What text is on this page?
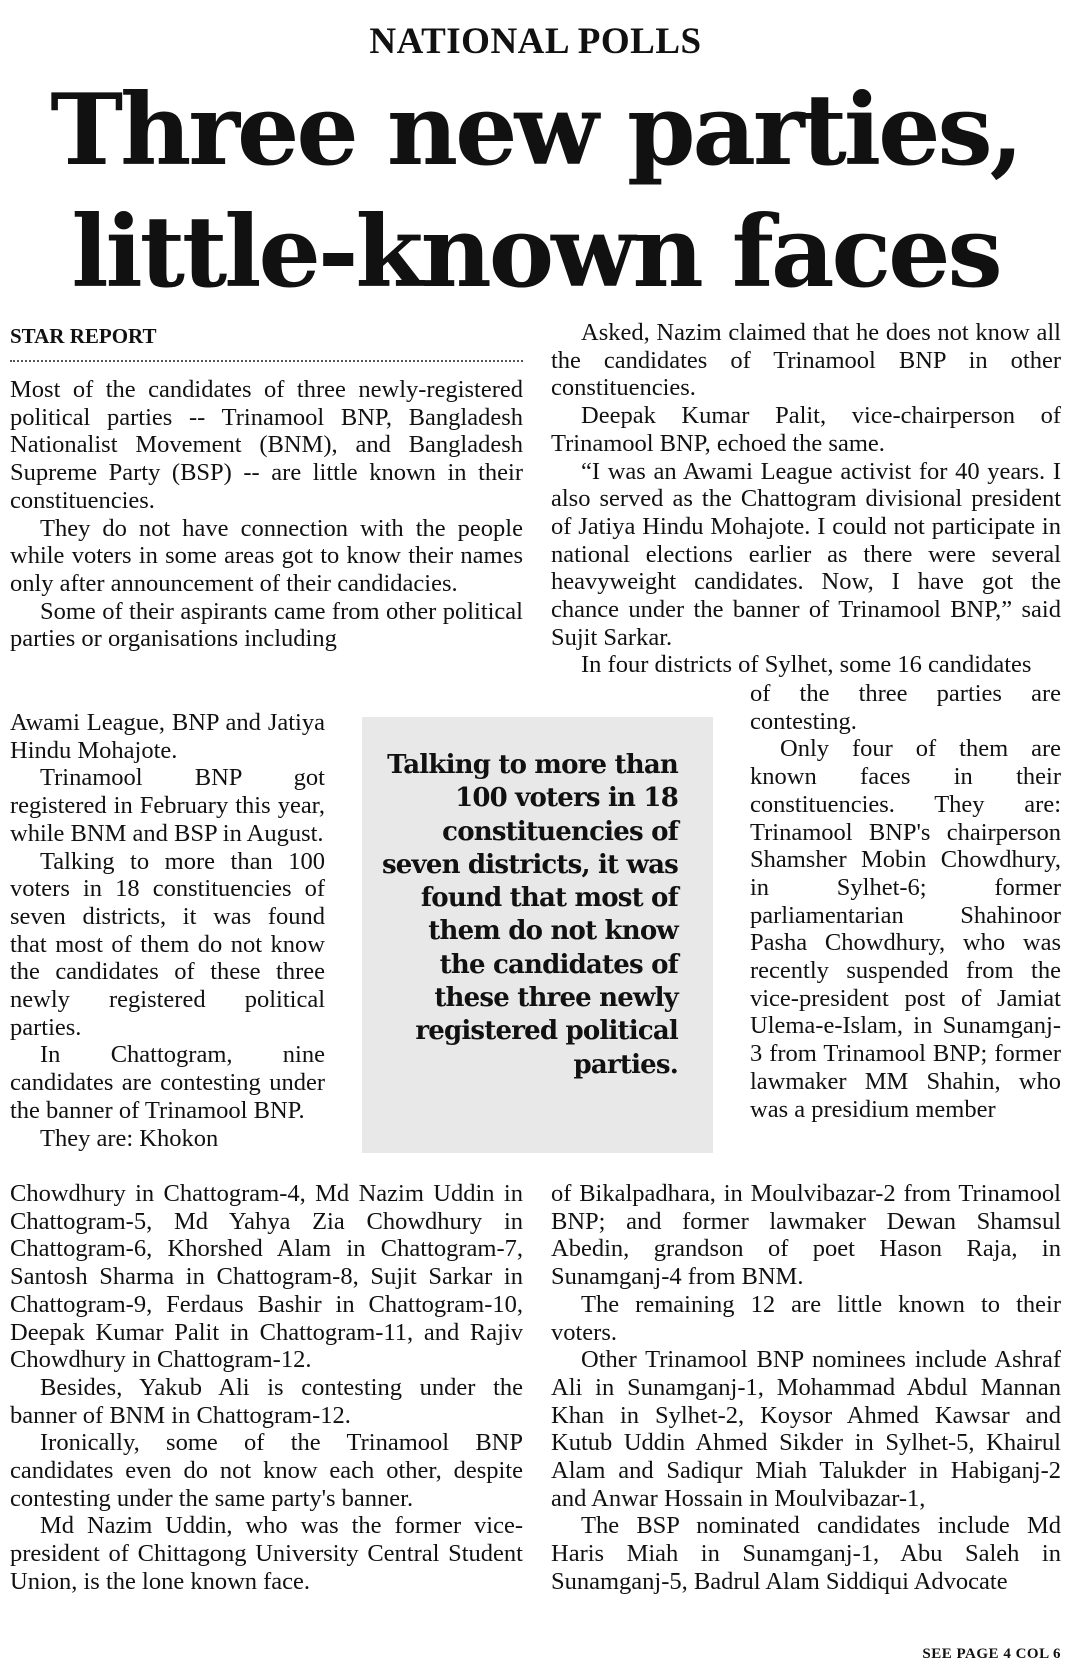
NATIONAL POLLS
Three new parties,
little-known faces
STAR REPORT

Most of the candidates of three newly-registered political parties -- Trinamool BNP, Bangladesh Nationalist Movement (BNM), and Bangladesh Supreme Party (BSP) -- are little known in their constituencies.

They do not have connection with the people while voters in some areas got to know their names only after announcement of their candidacies.

Some of their aspirants came from other political parties or organisations including

Awami League, BNP and Jatiya Hindu Mohajote.

Trinamool BNP got registered in February this year, while BNM and BSP in August.

Talking to more than 100 voters in 18 constituencies of seven districts, it was found that most of them do not know the candidates of these three newly registered political parties.

In Chattogram, nine candidates are contesting under the banner of Trinamool BNP.

They are: Khokon

Chowdhury in Chattogram-4, Md Nazim Uddin in Chattogram-5, Md Yahya Zia Chowdhury in Chattogram-6, Khorshed Alam in Chattogram-7, Santosh Sharma in Chattogram-8, Sujit Sarkar in Chattogram-9, Ferdaus Bashir in Chattogram-10, Deepak Kumar Palit in Chattogram-11, and Rajiv Chowdhury in Chattogram-12.

Besides, Yakub Ali is contesting under the banner of BNM in Chattogram-12.

Ironically, some of the Trinamool BNP candidates even do not know each other, despite contesting under the same party's banner.

Md Nazim Uddin, who was the former vice-president of Chittagong University Central Student Union, is the lone known face.

Talking to more than 100 voters in 18 constituencies of seven districts, it was found that most of them do not know the candidates of these three newly registered political parties.

Asked, Nazim claimed that he does not know all the candidates of Trinamool BNP in other constituencies.

Deepak Kumar Palit, vice-chairperson of Trinamool BNP, echoed the same.

“I was an Awami League activist for 40 years. I also served as the Chattogram divisional president of Jatiya Hindu Mohajote. I could not participate in national elections earlier as there were several heavyweight candidates. Now, I have got the chance under the banner of Trinamool BNP,” said Sujit Sarkar.

In four districts of Sylhet, some 16 candidates

of the three parties are contesting.

Only four of them are known faces in their constituencies. They are: Trinamool BNP's chairperson Shamsher Mobin Chowdhury, in Sylhet-6; former parliamentarian Shahinoor Pasha Chowdhury, who was recently suspended from the vice-president post of Jamiat Ulema-e-Islam, in Sunamganj-3 from Trinamool BNP; former lawmaker MM Shahin, who was a presidium member

of Bikalpadhara, in Moulvibazar-2 from Trinamool BNP; and former lawmaker Dewan Shamsul Abedin, grandson of poet Hason Raja, in Sunamganj-4 from BNM.

The remaining 12 are little known to their voters.

Other Trinamool BNP nominees include Ashraf Ali in Sunamganj-1, Mohammad Abdul Mannan Khan in Sylhet-2, Koysor Ahmed Kawsar and Kutub Uddin Ahmed Sikder in Sylhet-5, Khairul Alam and Sadiqur Miah Talukder in Habiganj-2 and Anwar Hossain in Moulvibazar-1,

The BSP nominated candidates include Md Haris Miah in Sunamganj-1, Abu Saleh in Sunamganj-5, Badrul Alam Siddiqui Advocate

SEE PAGE 4 COL 6
